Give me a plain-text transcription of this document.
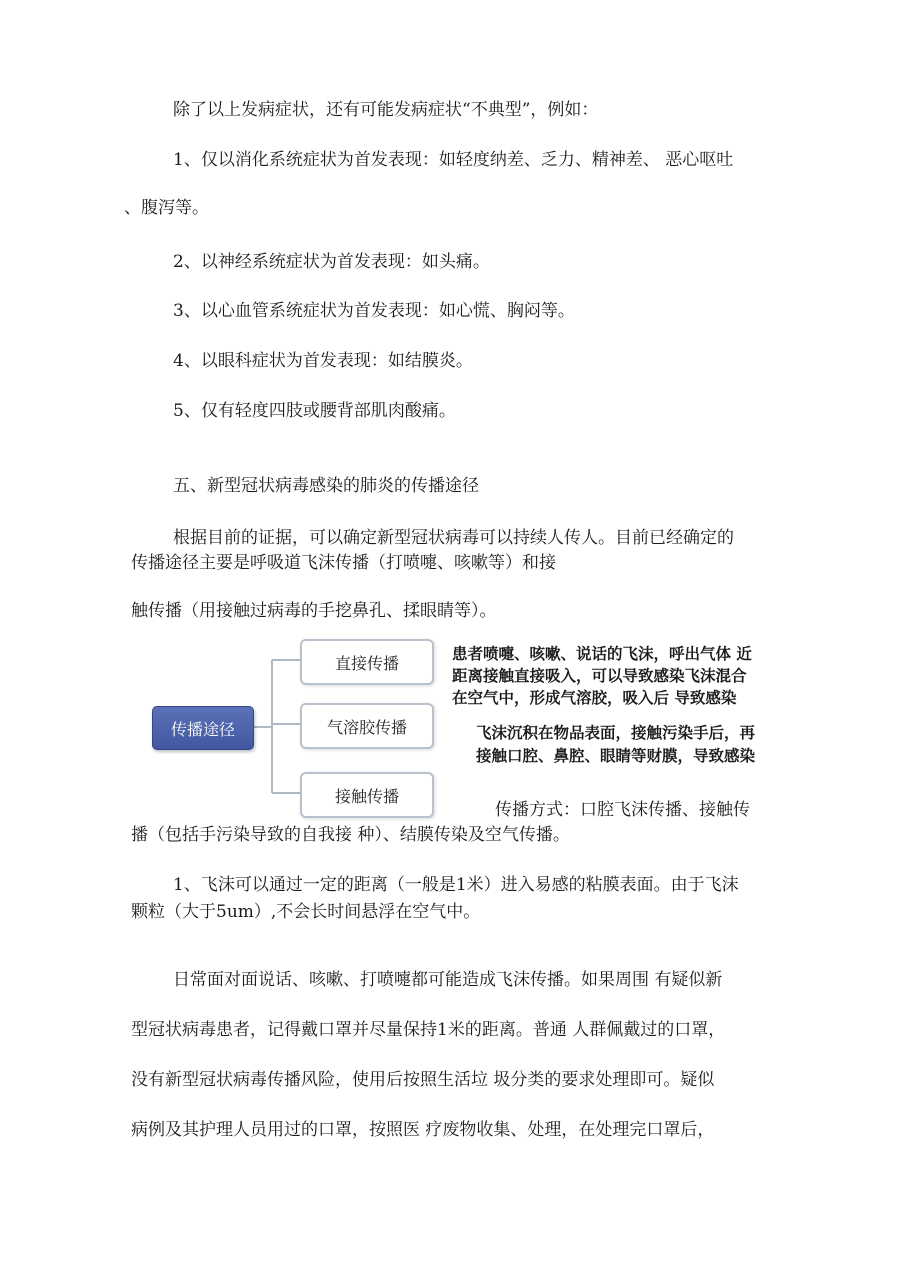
除了以上发病症状，还有可能发病症状“不典型”，例如：

1、仅以消化系统症状为首发表现：如轻度纳差、乏力、精神差、 恶心呕吐

、腹泻等。

2、以神经系统症状为首发表现：如头痛。

3、以心血管系统症状为首发表现：如心慌、胸闷等。

4、以眼科症状为首发表现：如结膜炎。

5、仅有轻度四肢或腰背部肌肉酸痛。

五、新型冠状病毒感染的肺炎的传播途径

根据目前的证据，可以确定新型冠状病毒可以持续人传人。目前已经确定的

传播途径主要是呼吸道飞沫传播（打喷嚏、咳嗽等）和接

触传播（用接触过病毒的手挖鼻孔、揉眼睛等）。

传播途径
直接传播
气溶胶传播
接触传播

患者喷嚏、咳嗽、说话的飞沫，呼出气体 近

距离接触直接吸入，可以导致感染飞沫混合

在空气中，形成气溶胶，吸入后 导致感染

飞沫沉积在物品表面，接触污染手后，再

接触口腔、鼻腔、眼睛等财膜，导致感染

传播方式：口腔飞沫传播、接触传

播（包括手污染导致的自我接 种）、结膜传染及空气传播。

1、飞沫可以通过一定的距离（一般是1米）进入易感的粘膜表面。由于飞沫

颗粒（大于5um）,不会长时间悬浮在空气中。

日常面对面说话、咳嗽、打喷嚏都可能造成飞沫传播。如果周围 有疑似新

型冠状病毒患者，记得戴口罩并尽量保持1米的距离。普通 人群佩戴过的口罩，

没有新型冠状病毒传播风险，使用后按照生活垃 圾分类的要求处理即可。疑似

病例及其护理人员用过的口罩，按照医 疗废物收集、处理，在处理完口罩后，
